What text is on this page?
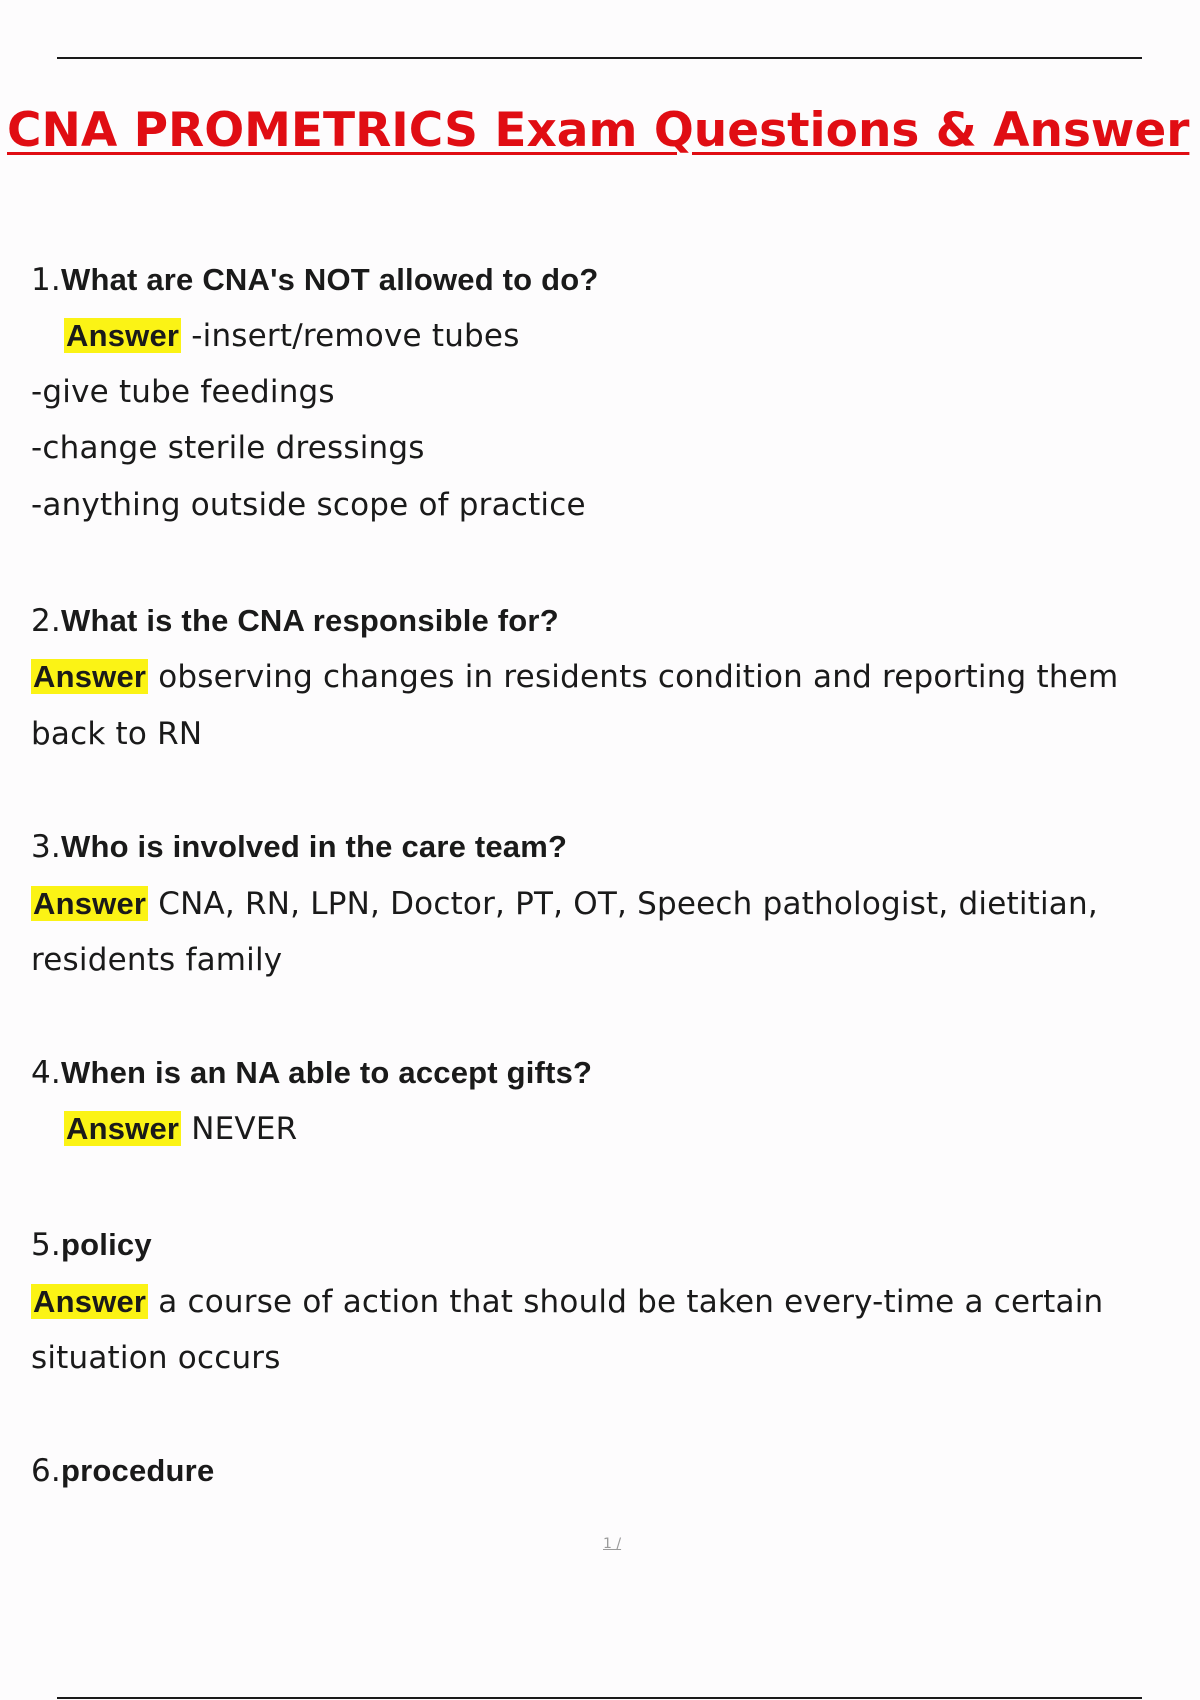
CNA PROMETRICS Exam Questions & Answer
1.What are CNA's NOT allowed to do?
Answer -insert/remove tubes
-give tube feedings
-change sterile dressings
-anything outside scope of practice
2.What is the CNA responsible for?
Answer observing changes in residents condition and reporting them
back to RN
3.Who is involved in the care team?
Answer CNA, RN, LPN, Doctor, PT, OT, Speech pathologist, dietitian,
residents family
4.When is an NA able to accept gifts?
Answer NEVER
5.policy
Answer a course of action that should be taken every-time a certain
situation occurs
6.procedure
1 /
